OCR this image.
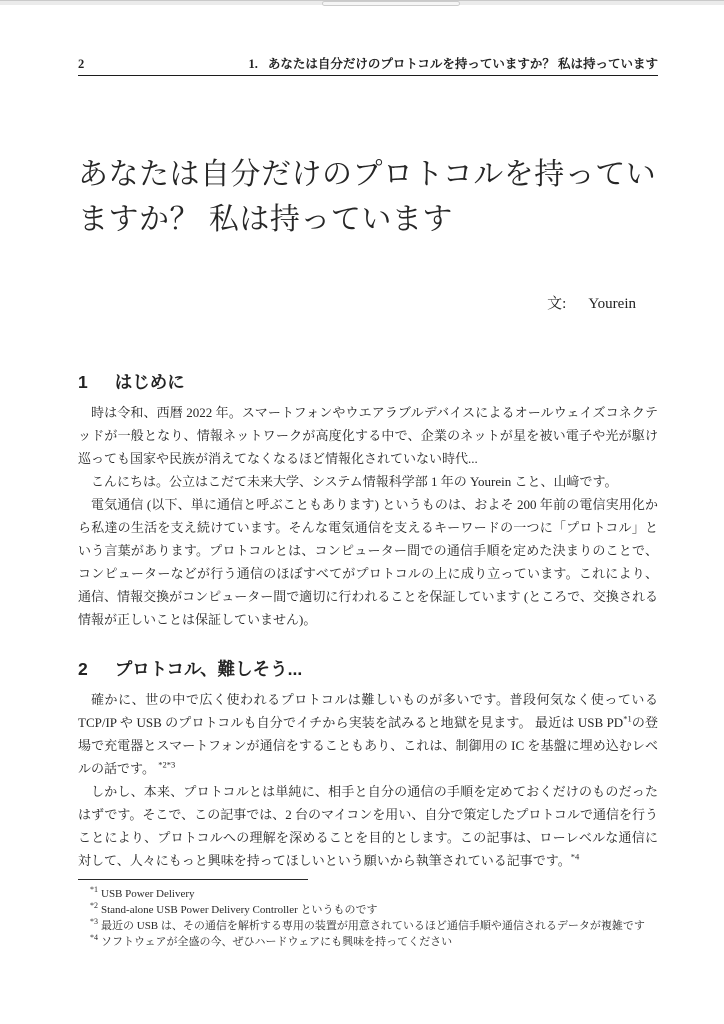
2	1. あなたは自分だけのプロトコルを持っていますか？ 私は持っています
あなたは自分だけのプロトコルを持っていますか？ 私は持っています
文: Yourein
1 はじめに

時は令和、西暦 2022 年。スマートフォンやウエアラブルデバイスによるオールウェイズコネクテッドが一般となり、情報ネットワークが高度化する中で、企業のネットが星を被い電子や光が駆け巡っても国家や民族が消えてなくなるほど情報化されていない時代...

こんにちは。公立はこだて未来大学、システム情報科学部 1 年の Yourein こと、山﨑です。

電気通信 (以下、単に通信と呼ぶこともあります) というものは、およそ 200 年前の電信実用化から私達の生活を支え続けています。そんな電気通信を支えるキーワードの一つに「プロトコル」という言葉があります。プロトコルとは、コンピューター間での通信手順を定めた決まりのことで、コンピューターなどが行う通信のほぼすべてがプロトコルの上に成り立っています。これにより、通信、情報交換がコンピューター間で適切に行われることを保証しています (ところで、交換される情報が正しいことは保証していません)。

2 プロトコル、難しそう...

確かに、世の中で広く使われるプロトコルは難しいものが多いです。普段何気なく使っている TCP/IP や USB のプロトコルも自分でイチから実装を試みると地獄を見ます。 最近は USB PD$^{*1}$の登場で充電器とスマートフォンが通信をすることもあり、これは、制御用の IC を基盤に埋め込むレベルの話です。 $^{*2*3}$

しかし、本来、プロトコルとは単純に、相手と自分の通信の手順を定めておくだけのものだったはずです。そこで、この記事では、2 台のマイコンを用い、自分で策定したプロトコルで通信を行うことにより、プロトコルへの理解を深めることを目的とします。この記事は、ローレベルな通信に対して、人々にもっと興味を持ってほしいという願いから執筆されている記事です。$^{*4}$

$^{*1}$ USB Power Delivery
$^{*2}$ Stand-alone USB Power Delivery Controller というものです
$^{*3}$ 最近の USB は、その通信を解析する専用の装置が用意されているほど通信手順や通信されるデータが複雑です
$^{*4}$ ソフトウェアが全盛の今、ぜひハードウェアにも興味を持ってください
